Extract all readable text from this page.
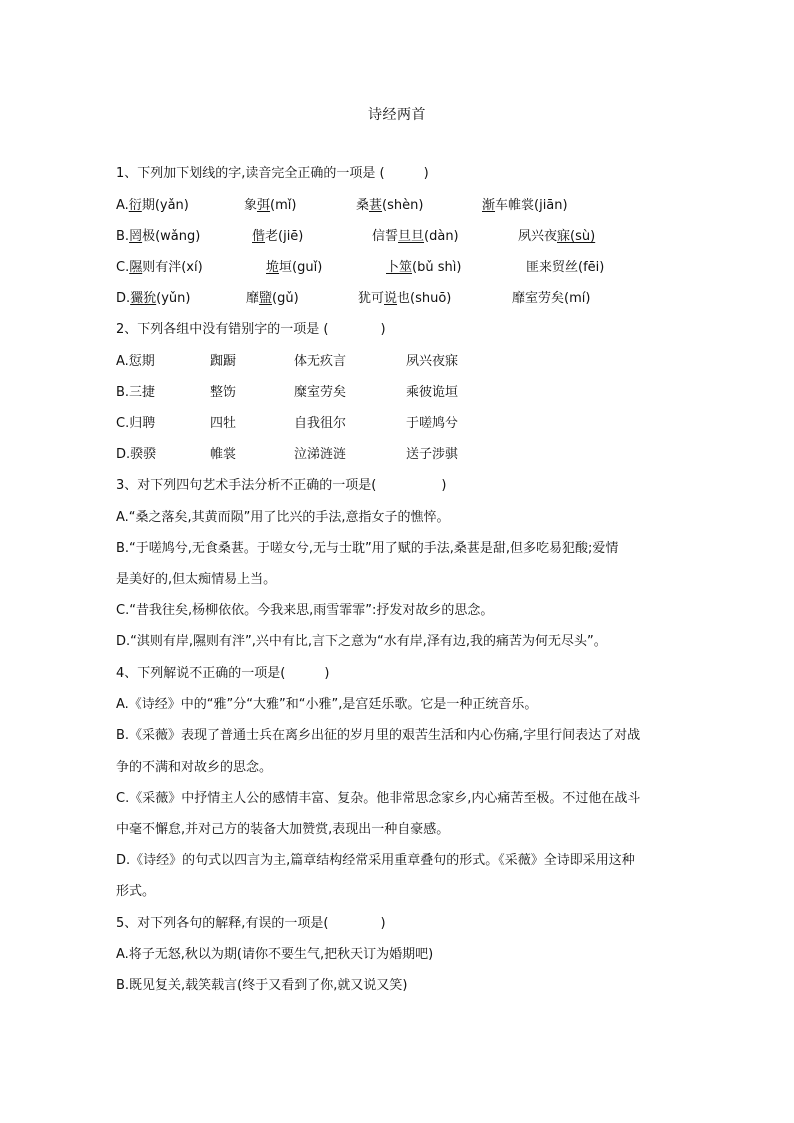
诗经两首
1、下列加下划线的字,读音完全正确的一项是 (　　　)
A.衍期(yǎn)	象弭(mǐ)	桑葚(shèn)	渐车帷裳(jiān)
B.罔极(wǎng)	偕老(jiē)	信誓旦旦(dàn)	夙兴夜寐(sù)
C.隰则有泮(xí)	垝垣(guǐ)	卜筮(bǔ shì)	匪来贸丝(fēi)
D.玁狁(yǔn)	靡盬(gǔ)	犹可说也(shuō)	靡室劳矣(mí)
2、下列各组中没有错别字的一项是 (　　　　)
A.愆期	踟蹰	体无疚言	夙兴夜寐
B.三捷	整饬	糜室劳矣	乘彼诡垣
C.归聘	四牡	自我徂尔	于嗟鸠兮
D.骙骙	帷裳	泣涕涟涟	送子涉骐
3、对下列四句艺术手法分析不正确的一项是(　　　　　)
A.“桑之落矣,其黄而陨”用了比兴的手法,意指女子的憔悴。
B.“于嗟鸠兮,无食桑葚。于嗟女兮,无与士耽”用了赋的手法,桑葚是甜,但多吃易犯酸;爱情
是美好的,但太痴情易上当。
C.“昔我往矣,杨柳依依。今我来思,雨雪霏霏”:抒发对故乡的思念。
D.“淇则有岸,隰则有泮”,兴中有比,言下之意为“水有岸,泽有边,我的痛苦为何无尽头”。
4、下列解说不正确的一项是(　　　)
A.《诗经》中的“雅”分“大雅”和“小雅”,是宫廷乐歌。它是一种正统音乐。
B.《采薇》表现了普通士兵在离乡出征的岁月里的艰苦生活和内心伤痛,字里行间表达了对战
争的不满和对故乡的思念。
C.《采薇》中抒情主人公的感情丰富、复杂。他非常思念家乡,内心痛苦至极。不过他在战斗
中毫不懈怠,并对己方的装备大加赞赏,表现出一种自豪感。
D.《诗经》的句式以四言为主,篇章结构经常采用重章叠句的形式。《采薇》全诗即采用这种
形式。
5、对下列各句的解释,有误的一项是(　　　　)
A.将子无怒,秋以为期(请你不要生气,把秋天订为婚期吧)
B.既见复关,载笑载言(终于又看到了你,就又说又笑)
